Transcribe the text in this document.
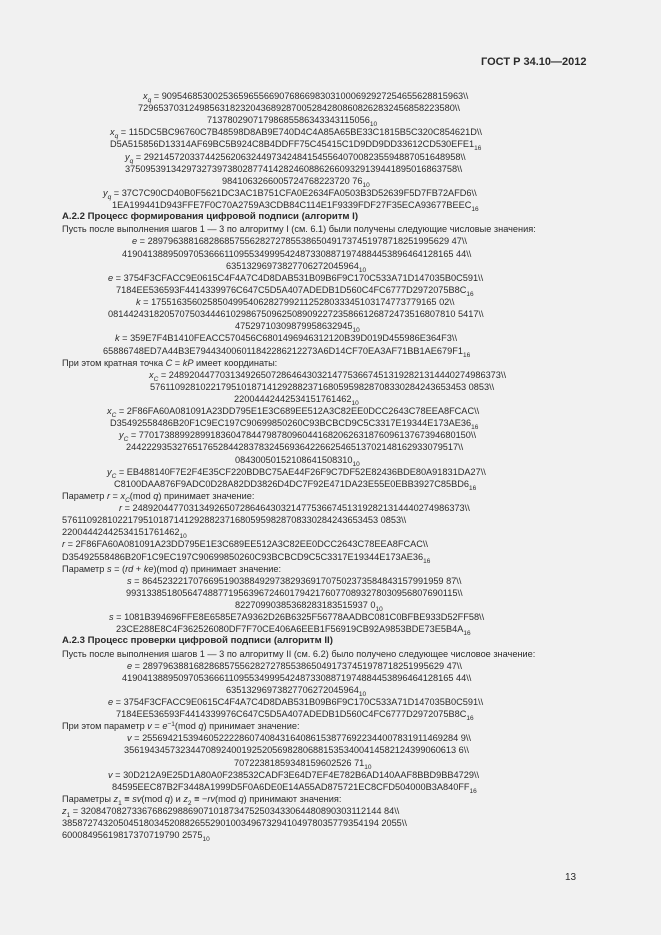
ГОСТ Р 34.10—2012
$x_q$ = 90954685300253659655669076866983031000692927254655628815963\\
72965370312498563182320436892870052842808608262832456858223580\\
$71378029071798685586343343115056_{10}$
$x_q$ = 115DC5BC96760C7B48598D8AB9E740D4C4A85A65BE33C1815B5C320C854621D\\
$D5A515856D13314AF69BC5B924C8B4DDFF75C45415C1D9DD9DD33612CD530EFE1_{16}$
$y_q$ = 29214572033744256206324497342484154556407008235594887051648958\\
37509539134297327397380287741428246088626609329139441895016863758\\
9841063266005724768223720 $76_{10}$
$y_q$ = 37C7C90CD40B0F5621DC3AC1B751CFA0E2634FA0503B3D52639F5D7FB72AFD6\\
$1EA199441D943FFE7F0C70A2759A3CDB84C114E1F9339FDF27F35ECA93677BEEC_{16}$
А.2.2 Процесс формирования цифровой подписи (алгоритм I)
Пусть после выполнения шагов 1 — 3 по алгоритму I (см. 6.1) были получены следующие числовые значения:
e = 28979638816828685755628272785538650491737451978718251995629 47\\
41904138895097053666110955349995424873308871974884453896464128165 44\\
$63513296973827706272045964_{10}$
e = 3754F3CFACC9E0615C4F4A7C4D8DAB531B09B6F9C170C533A71D147035B0C591\\
$7184EE536593F4414339976C647C5D5A407ADEDB1D560C4FC6777D2972075B8C_{16}$
k = 17551635602585049954062827992112528033345103174773779165 02\\
08144243182057075034446102986750962508909227235866126872473516807810 5417\\
$47529710309879958632945_{10}$
k = 359E7F4B1410FEACC570456C6801496946312120B39D019D455986E364F3\\
$65886748ED7A44B3E794434006011842286212273A6D14CF70EA3AF71BB1AE679F1_{16}$
При этом кратная точка C = kP имеет координаты:
$x_C$ = 24892044770313492650728646430321477536674513192821314440274986373\\
57611092810221795101871412928823716805959828708330284243653453 0853\\
$22004442442534151761462_{10}$
$x_C$ = 2F86FA60A081091A23DD795E1E3C689EE512A3C82EE0DCC2643C78EEA8FCAC\\
$D35492558486B20F1C9EC197C90699850260C93BCBCD9C5C3317E19344E173AE36_{16}$
$y_C$ = 77017388992899183604784479878096044168206263187609613767394680150\\
24422293532765176528442837832456936422662546513702148162933079517\\
$08430050152108641508310_{10}$
$y_C$ = EB488140F7E2F4E35CF220BDBC75AE44F26F9C7DF52E82436BDE80A91831DA27\\
$C8100DAA876F9ADC0D28A82DD3826D4DC7F92E471DA23E55E0EBB3927C85BD6_{16}$
Параметр $r = x_C(mod$ q) принимает значение:
r = 24892044770313492650728646430321477536674513192821314440274986373\\
57611092810221795101871412928823716805959828708330284243653453 0853\\
$22004442442534151761462_{10}$
r = 2F86FA60A081091A23DD795E1E3C689EE512A3C82EE0DCC2643C78EEA8FCAC\\
$D35492558486B20F1C9EC197C90699850260C93BCBCD9C5C3317E19344E173AE36_{16}$
Параметр s = (rd + ke)(mod q) принимает значение:
s = 86452322170766951903884929738293691707502373584843157991959 87\\
99313385180564748877195639672460179421760770893278030956807690115\\
82270990385368283183515937 $0_{10}$
s = 1081B394696FFE8E6585E7A9362D26B6325F56778AADBC081C0BFBE933D52FF58\\
$23CE288E8C4F362526080DF7F70CE406A6EEB1F56919CB92A9853BDE73E5B4A_{16}$
А.2.3 Процесс проверки цифровой подписи (алгоритм II)
Пусть после выполнения шагов 1 — 3 по алгоритму II (см. 6.2) было получено следующее числовое значение:
e = 28979638816828685755628272785538650491737451978718251995629 47\\
41904138895097053666110955349995424873308871974884453896464128165 44\\
$63513296973827706272045964_{10}$
e = 3754F3CFACC9E0615C4F4A7C4D8DAB531B09B6F9C170C533A71D147035B0C591\\
$7184EE536593F4414339976C647C5D5A407ADEDB1D560C4FC6777D2972075B8C_{16}$
При этом параметр $v = e^{-1}(mod$ q) принимает значение:
v = 25569421539460522228607408431640861538776922344007831911469284 9\\
35619434573234470892400192520569828068815353400414582124399060613 6\\
70722381859348159602526 $71_{10}$
v = 30D212A9E25D1A80A0F238532CADF3E64D7EF4E782B6AD140AAF8BBD9BB4729\\
$84595EEC87B2F3448A1999D5F0A6DE0E14A55AD875721EC8CFD504000B3A840FF_{16}$
Параметры $z_1 \equiv sv(mod$ q) и $z_2 \equiv -rv(mod$ q) принимают значения:
$z_1 = 32084708273367686298869071018734752503433064480890303112144$ 84\\
38587274320504518034520882655290100349673294104978035779354194 2055\\
60008495619817370719790 $2575_{10}$
13
